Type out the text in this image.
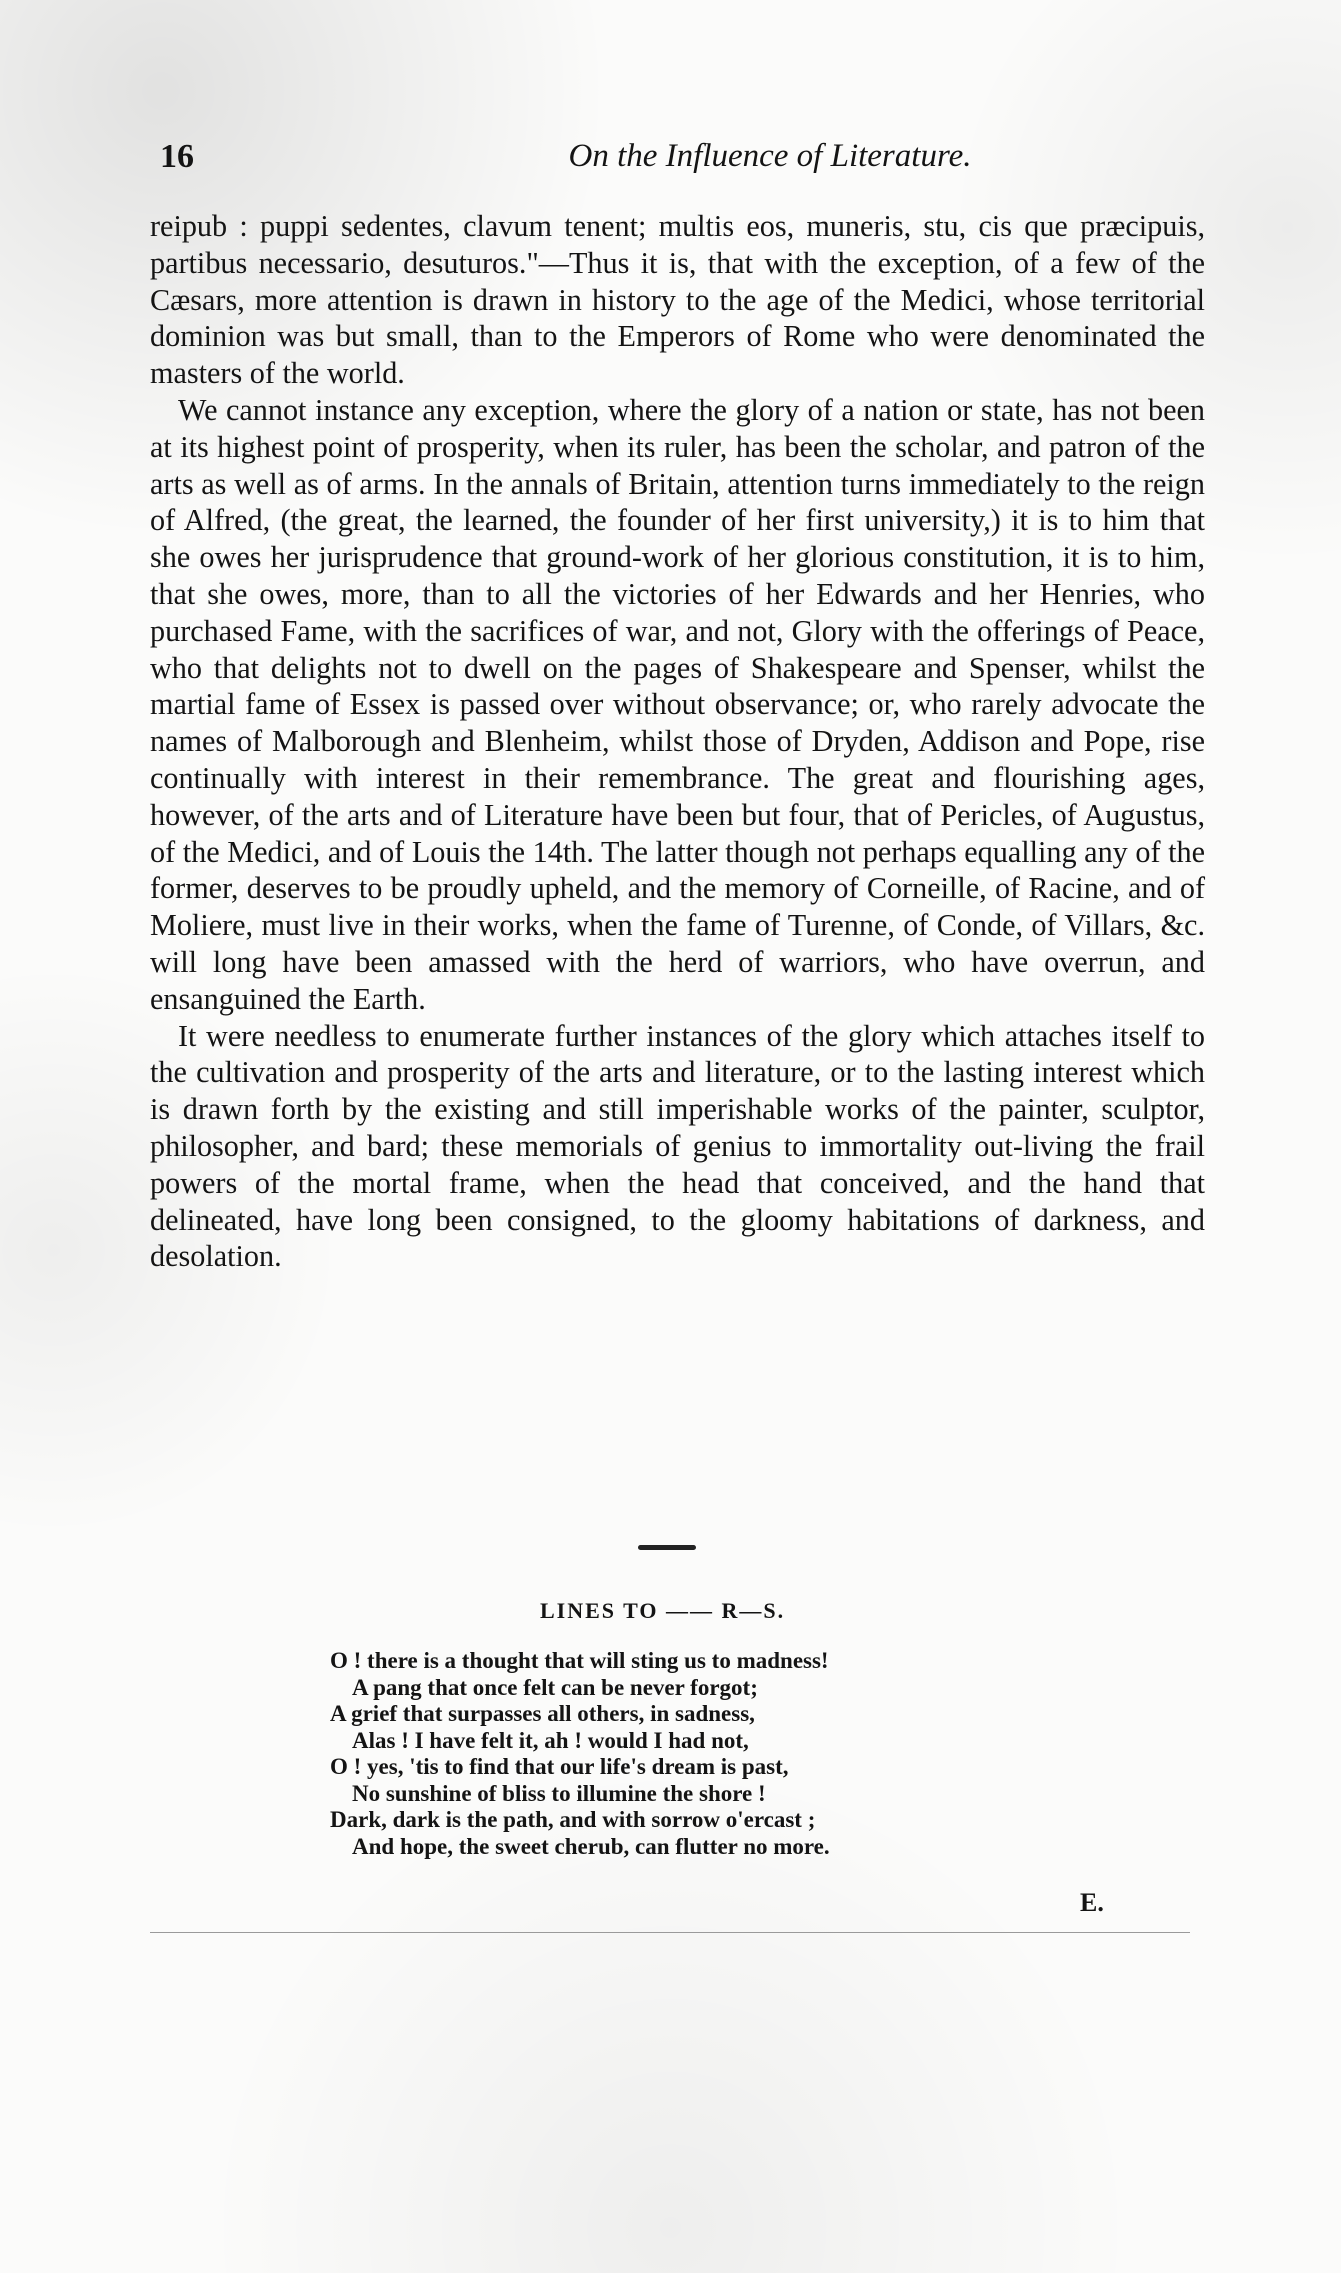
16	On the Influence of Literature.

reipub : puppi sedentes, clavum tenent; multis eos, muneris, stu, cis que præcipuis, partibus necessario, desuturos."—Thus it is, that with the exception, of a few of the Cæsars, more attention is drawn in history to the age of the Medici, whose territorial dominion was but small, than to the Emperors of Rome who were denominated the masters of the world.

We cannot instance any exception, where the glory of a nation or state, has not been at its highest point of prosperity, when its ruler, has been the scholar, and patron of the arts as well as of arms. In the annals of Britain, attention turns immediately to the reign of Alfred, (the great, the learned, the founder of her first university,) it is to him that she owes her jurisprudence that ground-work of her glorious constitution, it is to him, that she owes, more, than to all the victories of her Edwards and her Henries, who purchased Fame, with the sacrifices of war, and not, Glory with the offerings of Peace, who that delights not to dwell on the pages of Shakespeare and Spenser, whilst the martial fame of Essex is passed over without observance; or, who rarely advocate the names of Malborough and Blenheim, whilst those of Dryden, Addison and Pope, rise continually with interest in their remembrance. The great and flourishing ages, however, of the arts and of Literature have been but four, that of Pericles, of Augustus, of the Medici, and of Louis the 14th. The latter though not perhaps equalling any of the former, deserves to be proudly upheld, and the memory of Corneille, of Racine, and of Moliere, must live in their works, when the fame of Turenne, of Conde, of Villars, &c. will long have been amassed with the herd of warriors, who have overrun, and ensanguined the Earth.

It were needless to enumerate further instances of the glory which attaches itself to the cultivation and prosperity of the arts and literature, or to the lasting interest which is drawn forth by the existing and still imperishable works of the painter, sculptor, philosopher, and bard; these memorials of genius to immortality out-living the frail powers of the mortal frame, when the head that conceived, and the hand that delineated, have long been consigned, to the gloomy habitations of darkness, and desolation.

LINES TO —— R—S.
O ! there is a thought that will sting us to madness!
A pang that once felt can be never forgot;
A grief that surpasses all others, in sadness,
Alas ! I have felt it, ah ! would I had not,
O ! yes, 'tis to find that our life's dream is past,
No sunshine of bliss to illumine the shore !
Dark, dark is the path, and with sorrow o'ercast ;
And hope, the sweet cherub, can flutter no more.
E.
